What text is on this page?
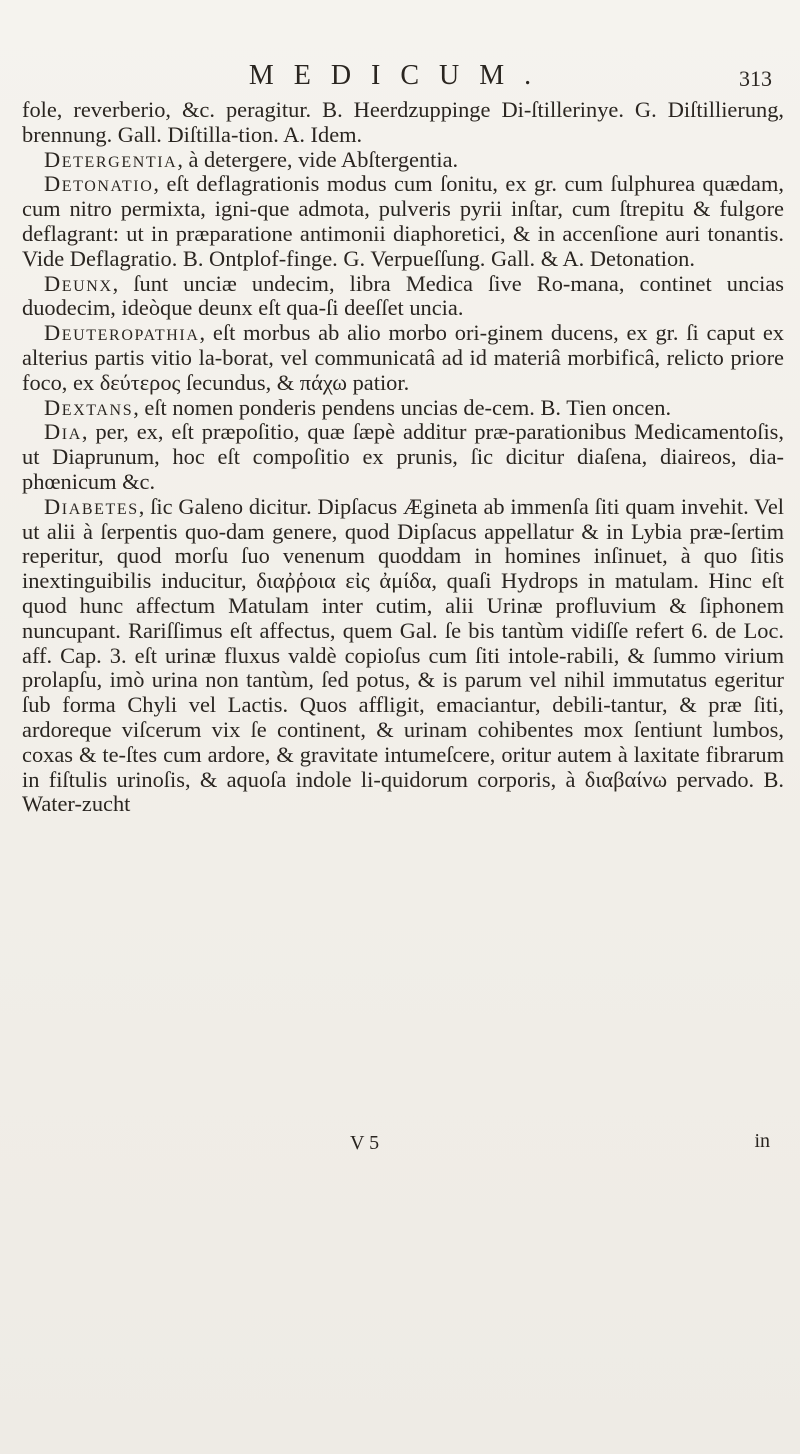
MEDICUM.	313

fole, reverberio, &c. peragitur. B. Heerdzuppinge Di-ſtillerinye. G. Diſtillierung, brennung. Gall. Diſtilla-tion. A. Idem.

Detergentia, à detergere, vide Abſtergentia.

Detonatio, eſt deflagrationis modus cum ſonitu, ex gr. cum ſulphurea quædam, cum nitro permixta, igni-que admota, pulveris pyrii inſtar, cum ſtrepitu & fulgore deflagrant: ut in præparatione antimonii diaphoretici, & in accenſione auri tonantis. Vide Deflagratio. B. Ontplof-finge. G. Verpueſſung. Gall. & A. Detonation.

Deunx, ſunt unciæ undecim, libra Medica ſive Ro-mana, continet uncias duodecim, ideòque deunx eſt qua-ſi deeſſet uncia.

Deuteropathia, eſt morbus ab alio morbo ori-ginem ducens, ex gr. ſi caput ex alterius partis vitio la-borat, vel communicatâ ad id materiâ morbificâ, relicto priore foco, ex δεύτερος ſecundus, & πάχω patior.

Dextans, eſt nomen ponderis pendens uncias de-cem. B. Tien oncen.

Dia, per, ex, eſt præpoſitio, quæ ſæpè additur præ-parationibus Medicamentoſis, ut Diaprunum, hoc eſt compoſitio ex prunis, ſic dicitur diaſena, diaireos, dia-phœnicum &c.

Diabetes, ſic Galeno dicitur. Dipſacus Ægineta ab immenſa ſiti quam invehit. Vel ut alii à ſerpentis quo-dam genere, quod Dipſacus appellatur & in Lybia præ-ſertim reperitur, quod morſu ſuo venenum quoddam in homines inſinuet, à quo ſitis inextinguibilis inducitur, διαῤῥοια εἰς ἀμίδα, quaſi Hydrops in matulam. Hinc eſt quod hunc affectum Matulam inter cutim, alii Urinæ profluvium & ſiphonem nuncupant. Rariſſimus eſt affectus, quem Gal. ſe bis tantùm vidiſſe refert 6. de Loc. aff. Cap. 3. eſt urinæ fluxus valdè copioſus cum ſiti intole-rabili, & ſummo virium prolapſu, imò urina non tantùm, ſed potus, & is parum vel nihil immutatus egeritur ſub forma Chyli vel Lactis. Quos affligit, emaciantur, debili-tantur, & præ ſiti, ardoreque viſcerum vix ſe continent, & urinam cohibentes mox ſentiunt lumbos, coxas & te-ſtes cum ardore, & gravitate intumeſcere, oritur autem à laxitate fibrarum in fiſtulis urinoſis, & aquoſa indole li-quidorum corporis, à διαβαίνω pervado. B. Water-zucht

V 5	in
